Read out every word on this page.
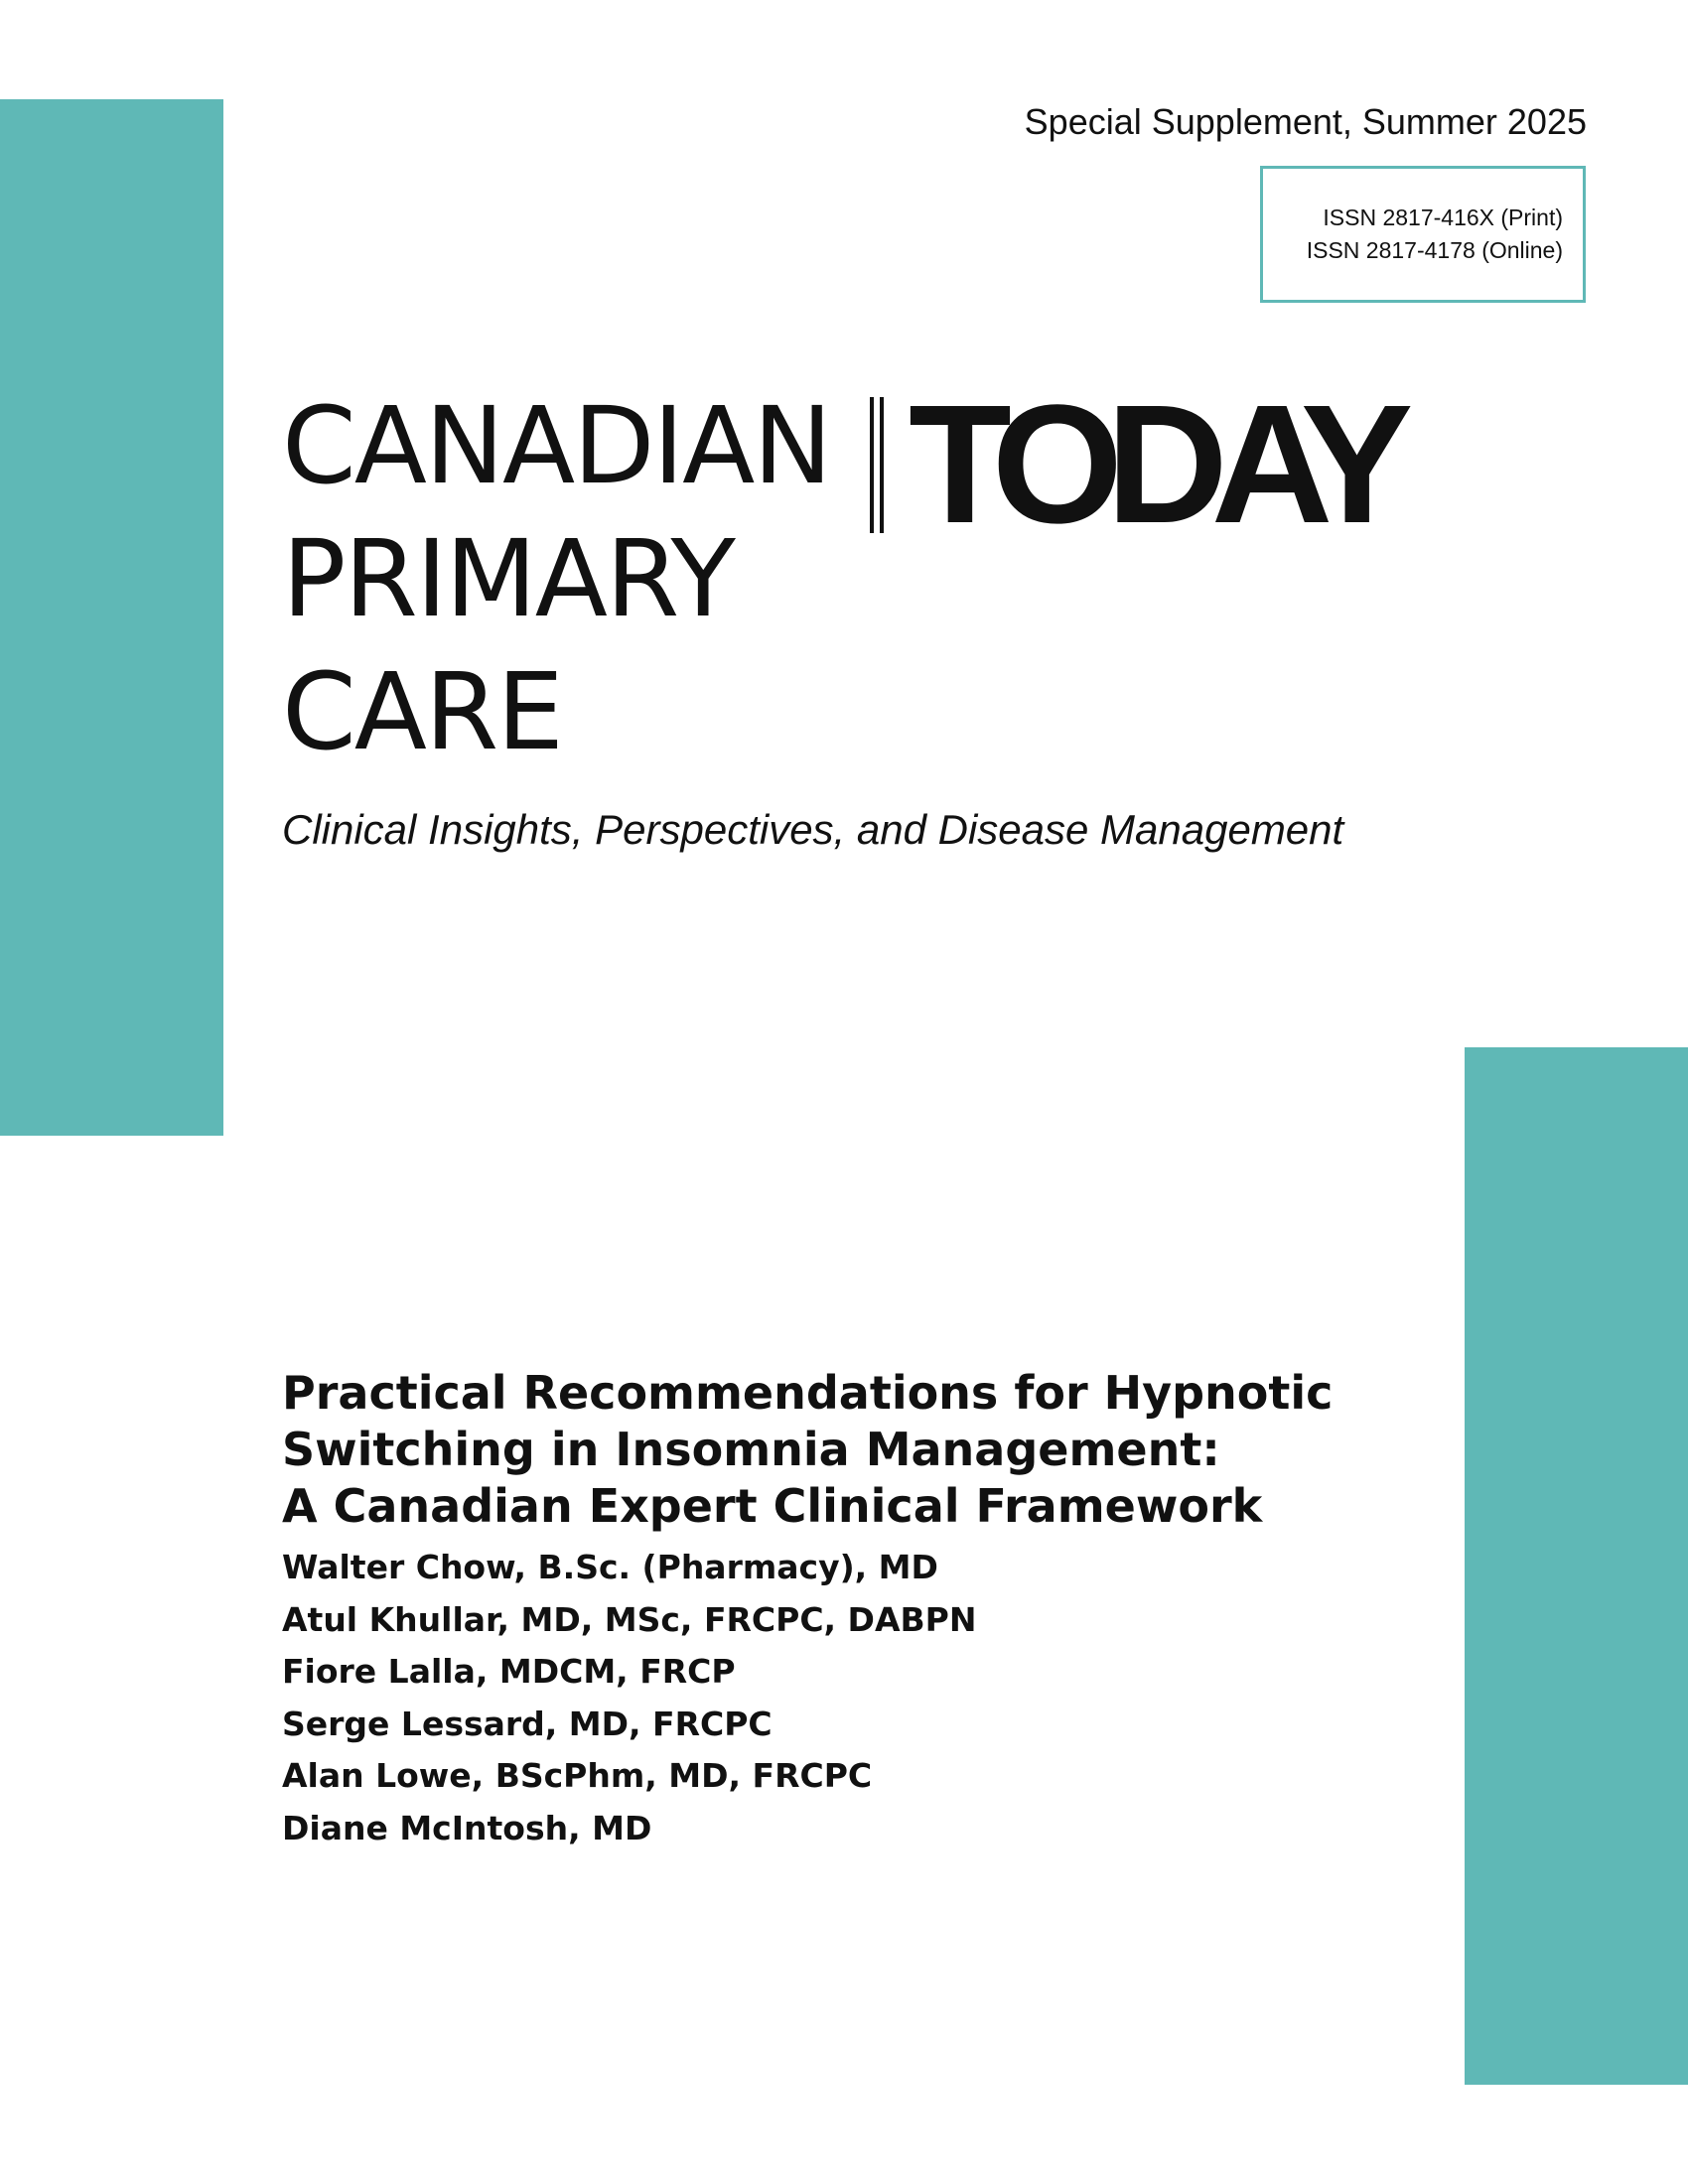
Special Supplement, Summer 2025
ISSN 2817-416X (Print)
ISSN 2817-4178 (Online)
CANADIAN
PRIMARY
CARE
TODAY
Clinical Insights, Perspectives, and Disease Management
Practical Recommendations for Hypnotic
Switching in Insomnia Management:
A Canadian Expert Clinical Framework
Walter Chow, B.Sc. (Pharmacy), MD
Atul Khullar, MD, MSc, FRCPC, DABPN
Fiore Lalla, MDCM, FRCP
Serge Lessard, MD, FRCPC
Alan Lowe, BScPhm, MD, FRCPC
Diane McIntosh, MD
